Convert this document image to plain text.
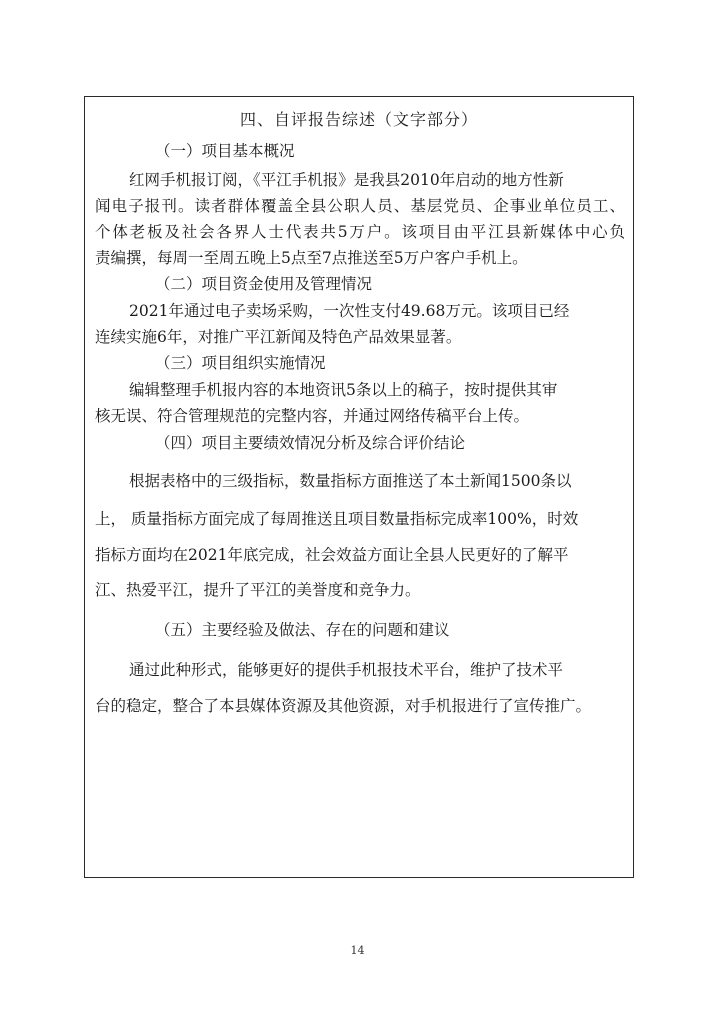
四、自评报告综述（文字部分）
（一）项目基本概况
红网手机报订阅，《平江手机报》是我县2010年启动的地方性新
闻电子报刊。读者群体覆盖全县公职人员、基层党员、企事业单位员工、
个体老板及社会各界人士代表共5万户。该项目由平江县新媒体中心负
责编撰，每周一至周五晚上5点至7点推送至5万户客户手机上。
（二）项目资金使用及管理情况
2021年通过电子卖场采购，一次性支付49.68万元。该项目已经
连续实施6年，对推广平江新闻及特色产品效果显著。
（三）项目组织实施情况
编辑整理手机报内容的本地资讯5条以上的稿子，按时提供其审
核无误、符合管理规范的完整内容，并通过网络传稿平台上传。
（四）项目主要绩效情况分析及综合评价结论
根据表格中的三级指标，数量指标方面推送了本土新闻1500条以
上， 质量指标方面完成了每周推送且项目数量指标完成率100%，时效
指标方面均在2021年底完成，社会效益方面让全县人民更好的了解平
江、热爱平江，提升了平江的美誉度和竞争力。
（五）主要经验及做法、存在的问题和建议
通过此种形式，能够更好的提供手机报技术平台，维护了技术平
台的稳定，整合了本县媒体资源及其他资源，对手机报进行了宣传推广。
14
